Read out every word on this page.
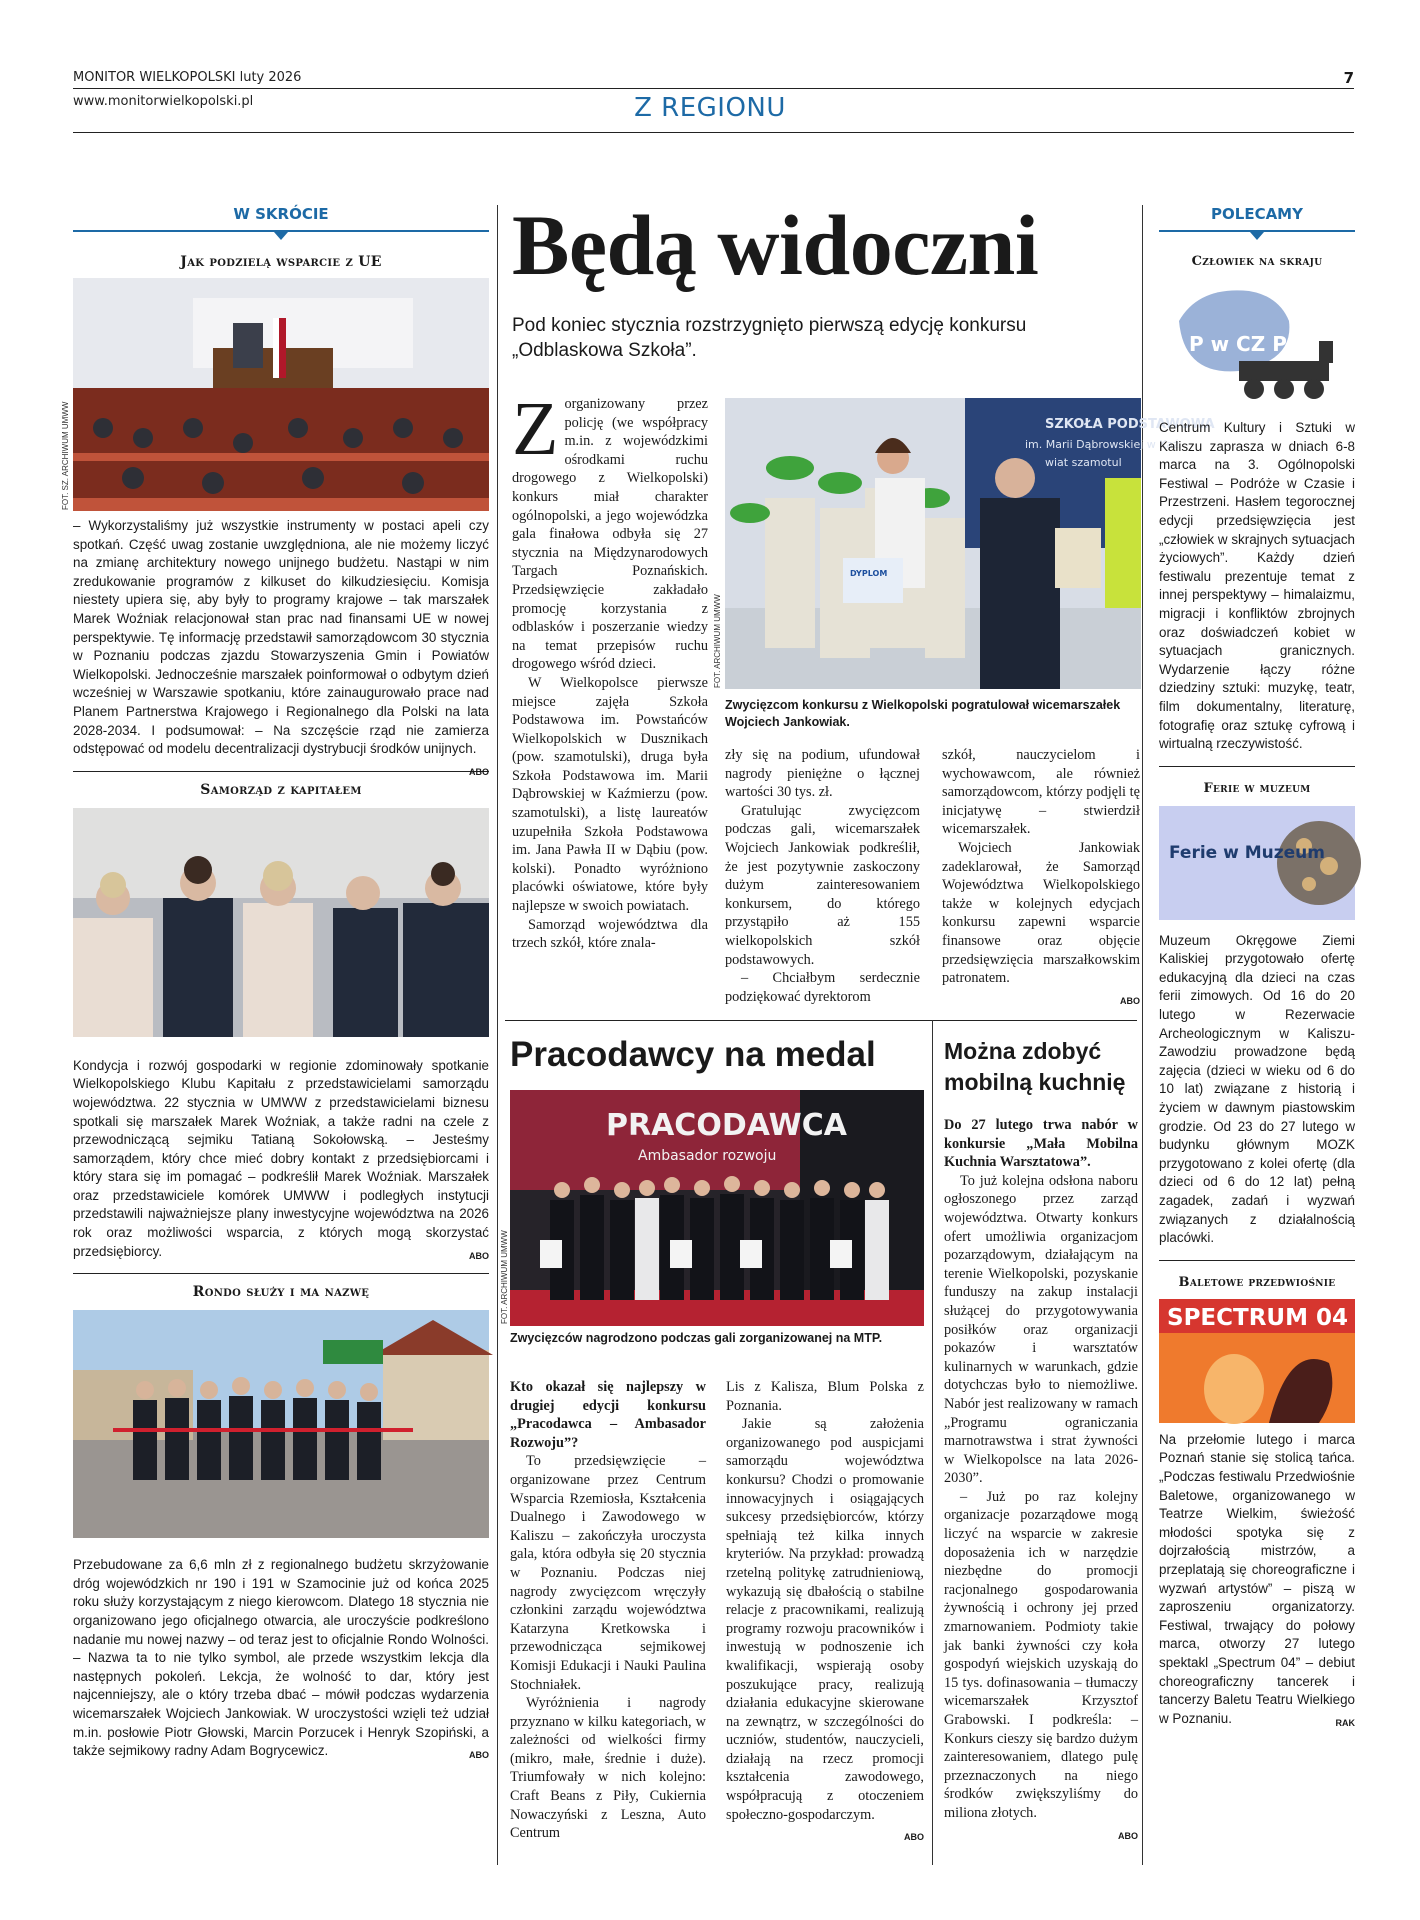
MONITOR WIELKOPOLSKI luty 2026
www.monitorwielkopolski.pl
7
Z REGIONU
W SKRÓCIE
Jak podzielą wsparcie z UE
FOT. SZ. ARCHIWUM UMWW
– Wykorzystaliśmy już wszystkie instrumenty w postaci apeli czy spotkań. Część uwag zostanie uwzględniona, ale nie możemy liczyć na zmianę architektury nowego unijnego budżetu. Nastąpi w nim zredukowanie programów z kilkuset do kilkudziesięciu. Komisja niestety upiera się, aby były to programy krajowe – tak marszałek Marek Woźniak relacjonował stan prac nad finansami UE w nowej perspektywie. Tę informację przedstawił samorządowcom 30 stycznia w Poznaniu podczas zjazdu Stowarzyszenia Gmin i Powiatów Wielkopolski. Jednocześnie marszałek poinformował o odbytym dzień wcześniej w Warszawie spotkaniu, które zainaugurowało prace nad Planem Partnerstwa Krajowego i Regionalnego dla Polski na lata 2028-2034. I podsumował: – Na szczęście rząd nie zamierza odstępować od modelu decentralizacji dystrybucji środków unijnych.
ABO
Samorząd z kapitałem
Kondycja i rozwój gospodarki w regionie zdominowały spotkanie Wielkopolskiego Klubu Kapitału z przedstawicielami samorządu województwa. 22 stycznia w UMWW z przedstawicielami biznesu spotkali się marszałek Marek Woźniak, a także radni na czele z przewodniczącą sejmiku Tatianą Sokołowską. – Jesteśmy samorządem, który chce mieć dobry kontakt z przedsiębiorcami i który stara się im pomagać – podkreślił Marek Woźniak. Marszałek oraz przedstawiciele komórek UMWW i podległych instytucji przedstawili najważniejsze plany inwestycyjne województwa na 2026 rok oraz możliwości wsparcia, z których mogą skorzystać przedsiębiorcy.	ABO
Rondo służy i ma nazwę
Przebudowane za 6,6 mln zł z regionalnego budżetu skrzyżowanie dróg wojewódzkich nr 190 i 191 w Szamocinie już od końca 2025 roku służy korzystającym z niego kierowcom. Dlatego 18 stycznia nie organizowano jego oficjalnego otwarcia, ale uroczyście podkreślono nadanie mu nowej nazwy – od teraz jest to oficjalnie Rondo Wolności. – Nazwa ta to nie tylko symbol, ale przede wszystkim lekcja dla następnych pokoleń. Lekcja, że wolność to dar, który jest najcenniejszy, ale o który trzeba dbać – mówił podczas wydarzenia wicemarszałek Wojciech Jankowiak. W uroczystości wzięli też udział m.in. posłowie Piotr Głowski, Marcin Porzucek i Henryk Szopiński, a także sejmikowy radny Adam Bogrycewicz.	ABO
Będą widoczni
Pod koniec stycznia rozstrzygnięto pierwszą edycję konkursu „Odblaskowa Szkoła”.
Z organizowany przez policję (we współpracy m.in. z wojewódzkimi ośrodkami ruchu drogowego z Wielkopolski) konkurs miał charakter ogólnopolski, a jego wojewódzka gala finałowa odbyła się 27 stycznia na Międzynarodowych Targach Poznańskich. Przedsięwzięcie zakładało promocję korzystania z odblasków i poszerzanie wiedzy na temat przepisów ruchu drogowego wśród dzieci.

W Wielkopolsce pierwsze miejsce zajęła Szkoła Podstawowa im. Powstańców Wielkopolskich w Dusznikach (pow. szamotulski), druga była Szkoła Podstawowa im. Marii Dąbrowskiej w Kaźmierzu (pow. szamotulski), a listę laureatów uzupełniła Szkoła Podstawowa im. Jana Pawła II w Dąbiu (pow. kolski). Ponadto wyróżniono placówki oświatowe, które były najlepsze w swoich powiatach.

Samorząd województwa dla trzech szkół, które znala-

SZKOŁA PODSTAWOWA
im. Marii Dąbrowskiej w Kaź
wiat szamotul
DYPLOM
FOT. ARCHIWUM UMWW
Zwycięzcom konkursu z Wielkopolski pogratulował wicemarszałek Wojciech Jankowiak.

zły się na podium, ufundował nagrody pieniężne o łącznej wartości 30 tys. zł.

Gratulując zwycięzcom podczas gali, wicemarszałek Wojciech Jankowiak podkreślił, że jest pozytywnie zaskoczony dużym zainteresowaniem konkursem, do którego przystąpiło aż 155 wielkopolskich szkół podstawowych.

– Chciałbym serdecznie podziękować dyrektorom

szkół, nauczycielom i wychowawcom, ale również samorządowcom, którzy podjęli tę inicjatywę – stwierdził wicemarszałek.

Wojciech Jankowiak zadeklarował, że Samorząd Województwa Wielkopolskiego także w kolejnych edycjach konkursu zapewni wsparcie finansowe oraz objęcie przedsięwzięcia marszałkowskim patronatem.

ABO
Pracodawcy na medal
PRACODAWCA
Ambasador rozwoju
FOT. ARCHIWUM UMWW
Zwycięzców nagrodzono podczas gali zorganizowanej na MTP.

Kto okazał się najlepszy w drugiej edycji konkursu „Pracodawca – Ambasador Rozwoju”?

To przedsięwzięcie – organizowane przez Centrum Wsparcia Rzemiosła, Kształcenia Dualnego i Zawodowego w Kaliszu – zakończyła uroczysta gala, która odbyła się 20 stycznia w Poznaniu. Podczas niej nagrody zwycięzcom wręczyły członkini zarządu województwa Katarzyna Kretkowska i przewodnicząca sejmikowej Komisji Edukacji i Nauki Paulina Stochniałek.

Wyróżnienia i nagrody przyznano w kilku kategoriach, w zależności od wielkości firmy (mikro, małe, średnie i duże). Triumfowały w nich kolejno: Craft Beans z Piły, Cukiernia Nowaczyński z Leszna, Auto Centrum

Lis z Kalisza, Blum Polska z Poznania.

Jakie są założenia organizowanego pod auspicjami samorządu województwa konkursu? Chodzi o promowanie innowacyjnych i osiągających sukcesy przedsiębiorców, którzy spełniają też kilka innych kryteriów. Na przykład: prowadzą rzetelną politykę zatrudnieniową, wykazują się dbałością o stabilne relacje z pracownikami, realizują programy rozwoju pracowników i inwestują w podnoszenie ich kwalifikacji, wspierają osoby poszukujące pracy, realizują działania edukacyjne skierowane na zewnątrz, w szczególności do uczniów, studentów, nauczycieli, działają na rzecz promocji kształcenia zawodowego, współpracują z otoczeniem społeczno-gospodarczym.

ABO
Można zdobyć mobilną kuchnię

Do 27 lutego trwa nabór w konkursie „Mała Mobilna Kuchnia Warsztatowa”.

To już kolejna odsłona naboru ogłoszonego przez zarząd województwa. Otwarty konkurs ofert umożliwia organizacjom pozarządowym, działającym na terenie Wielkopolski, pozyskanie funduszy na zakup instalacji służącej do przygotowywania posiłków oraz organizacji pokazów i warsztatów kulinarnych w warunkach, gdzie dotychczas było to niemożliwe. Nabór jest realizowany w ramach „Programu ograniczania marnotrawstwa i strat żywności w Wielkopolsce na lata 2026-2030”.

– Już po raz kolejny organizacje pozarządowe mogą liczyć na wsparcie w zakresie doposażenia ich w narzędzie niezbędne do promocji racjonalnego gospodarowania żywnością i ochrony jej przed zmarnowaniem. Podmioty takie jak banki żywności czy koła gospodyń wiejskich uzyskają do 15 tys. dofinasowania – tłumaczy wicemarszałek Krzysztof Grabowski. I podkreśla: – Konkurs cieszy się bardzo dużym zainteresowaniem, dlatego pulę przeznaczonych na niego środków zwiększyliśmy do miliona złotych.

ABO
POLECAMY
Człowiek na skraju
P w CZ P
Centrum Kultury i Sztuki w Kaliszu zaprasza w dniach 6-8 marca na 3. Ogólnopolski Festiwal – Podróże w Czasie i Przestrzeni. Hasłem tegorocznej edycji przedsięwzięcia jest „człowiek w skrajnych sytuacjach życiowych”. Każdy dzień festiwalu prezentuje temat z innej perspektywy – himalaizmu, migracji i konfliktów zbrojnych oraz doświadczeń kobiet w sytuacjach granicznych. Wydarzenie łączy różne dziedziny sztuki: muzykę, teatr, film dokumentalny, literaturę, fotografię oraz sztukę cyfrową i wirtualną rzeczywistość.
Ferie w muzeum
Ferie w Muzeum
Muzeum Okręgowe Ziemi Kaliskiej przygotowało ofertę edukacyjną dla dzieci na czas ferii zimowych. Od 16 do 20 lutego w Rezerwacie Archeologicznym w Kaliszu-Zawodziu prowadzone będą zajęcia (dzieci w wieku od 6 do 10 lat) związane z historią i życiem w dawnym piastowskim grodzie. Od 23 do 27 lutego w budynku głównym MOZK przygotowano z kolei ofertę (dla dzieci od 6 do 12 lat) pełną zagadek, zadań i wyzwań związanych z działalnością placówki.
Baletowe przedwiośnie
SPECTRUM 04
Na przełomie lutego i marca Poznań stanie się stolicą tańca. „Podczas festiwalu Przedwiośnie Baletowe, organizowanego w Teatrze Wielkim, świeżość młodości spotyka się z dojrzałością mistrzów, a przeplatają się choreograficzne i wyzwań artystów” – piszą w zaproszeniu organizatorzy. Festiwal, trwający do połowy marca, otworzy 27 lutego spektakl „Spectrum 04” – debiut choreograficzny tancerek i tancerzy Baletu Teatru Wielkiego w Poznaniu.	RAK
